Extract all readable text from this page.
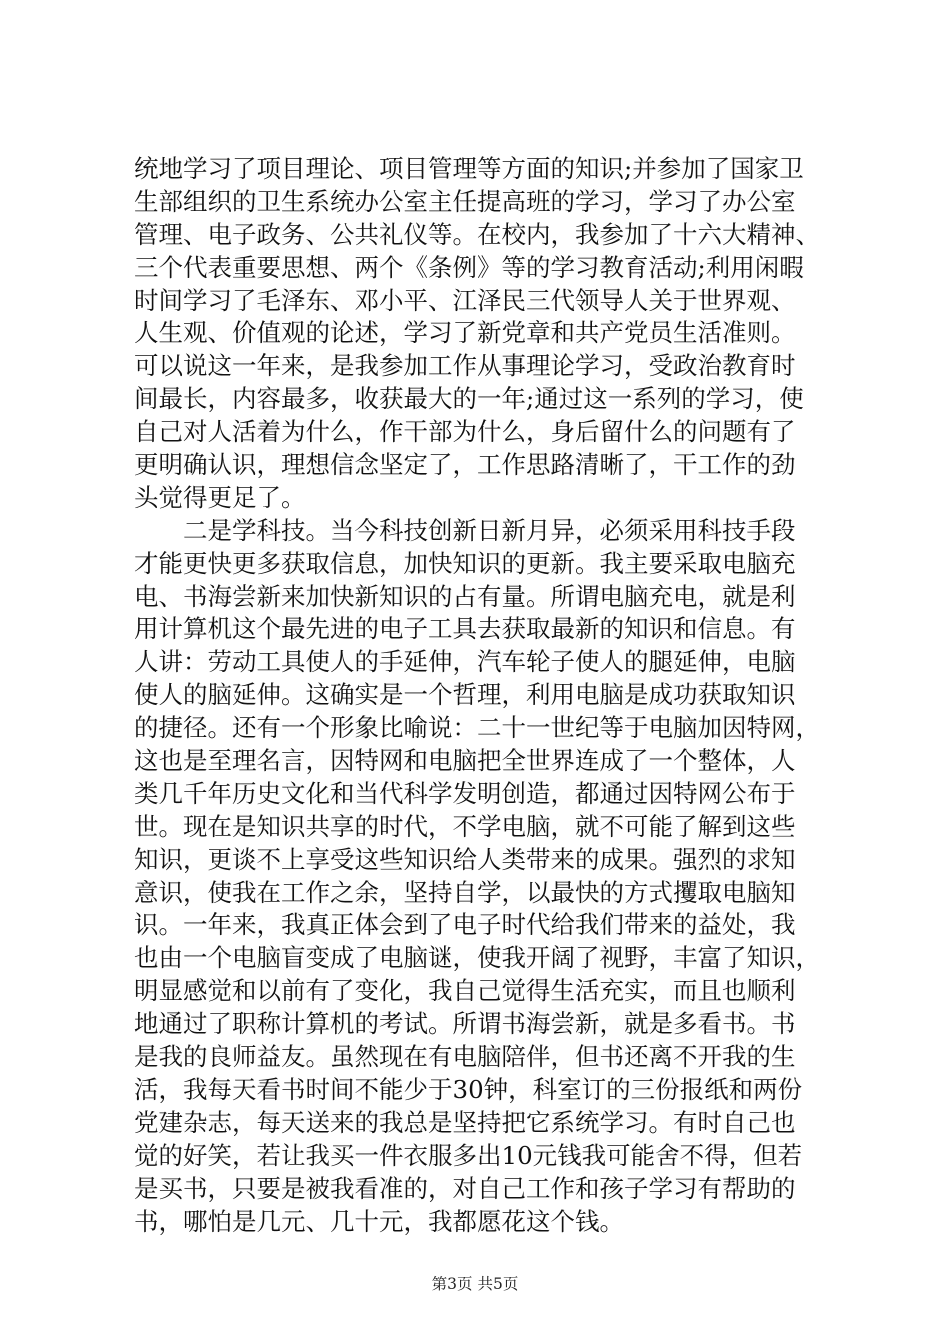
统地学习了项目理论、项目管理等方面的知识;并参加了国家卫
生部组织的卫生系统办公室主任提高班的学习，学习了办公室
管理、电子政务、公共礼仪等。在校内，我参加了十六大精神、
三个代表重要思想、两个《条例》等的学习教育活动;利用闲暇
时间学习了毛泽东、邓小平、江泽民三代领导人关于世界观、
人生观、价值观的论述，学习了新党章和共产党员生活准则。
可以说这一年来，是我参加工作从事理论学习，受政治教育时
间最长，内容最多，收获最大的一年;通过这一系列的学习，使
自己对人活着为什么，作干部为什么，身后留什么的问题有了
更明确认识，理想信念坚定了，工作思路清晰了，干工作的劲
头觉得更足了。
　　二是学科技。当今科技创新日新月异，必须采用科技手段
才能更快更多获取信息，加快知识的更新。我主要采取电脑充
电、书海尝新来加快新知识的占有量。所谓电脑充电，就是利
用计算机这个最先进的电子工具去获取最新的知识和信息。有
人讲：劳动工具使人的手延伸，汽车轮子使人的腿延伸，电脑
使人的脑延伸。这确实是一个哲理，利用电脑是成功获取知识
的捷径。还有一个形象比喻说：二十一世纪等于电脑加因特网，
这也是至理名言，因特网和电脑把全世界连成了一个整体，人
类几千年历史文化和当代科学发明创造，都通过因特网公布于
世。现在是知识共享的时代，不学电脑，就不可能了解到这些
知识，更谈不上享受这些知识给人类带来的成果。强烈的求知
意识，使我在工作之余，坚持自学，以最快的方式攫取电脑知
识。一年来，我真正体会到了电子时代给我们带来的益处，我
也由一个电脑盲变成了电脑谜，使我开阔了视野，丰富了知识，
明显感觉和以前有了变化，我自己觉得生活充实，而且也顺利
地通过了职称计算机的考试。所谓书海尝新，就是多看书。书
是我的良师益友。虽然现在有电脑陪伴，但书还离不开我的生
活，我每天看书时间不能少于30钟，科室订的三份报纸和两份
党建杂志，每天送来的我总是坚持把它系统学习。有时自己也
觉的好笑，若让我买一件衣服多出10元钱我可能舍不得，但若
是买书，只要是被我看准的，对自己工作和孩子学习有帮助的
书，哪怕是几元、几十元，我都愿花这个钱。
第3页 共5页
